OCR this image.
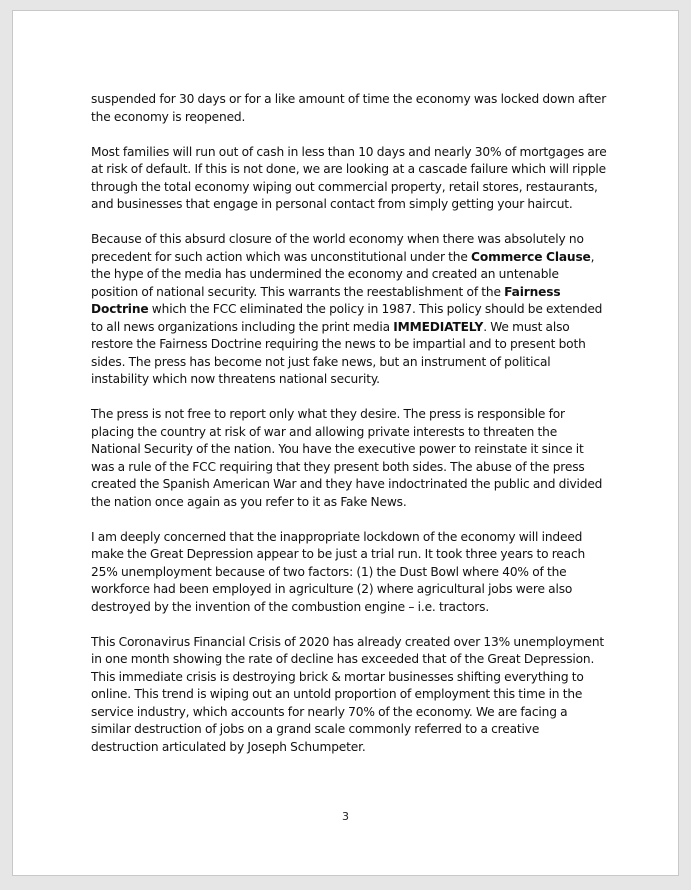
suspended for 30 days or for a like amount of time the economy was locked down after the economy is reopened.

Most families will run out of cash in less than 10 days and nearly 30% of mortgages are at risk of default. If this is not done, we are looking at a cascade failure which will ripple through the total economy wiping out commercial property, retail stores, restaurants, and businesses that engage in personal contact from simply getting your haircut.

Because of this absurd closure of the world economy when there was absolutely no precedent for such action which was unconstitutional under the Commerce Clause, the hype of the media has undermined the economy and created an untenable position of national security. This warrants the reestablishment of the Fairness Doctrine which the FCC eliminated the policy in 1987. This policy should be extended to all news organizations including the print media IMMEDIATELY. We must also restore the Fairness Doctrine requiring the news to be impartial and to present both sides. The press has become not just fake news, but an instrument of political instability which now threatens national security.

The press is not free to report only what they desire. The press is responsible for placing the country at risk of war and allowing private interests to threaten the National Security of the nation. You have the executive power to reinstate it since it was a rule of the FCC requiring that they present both sides. The abuse of the press created the Spanish American War and they have indoctrinated the public and divided the nation once again as you refer to it as Fake News.

I am deeply concerned that the inappropriate lockdown of the economy will indeed make the Great Depression appear to be just a trial run. It took three years to reach 25% unemployment because of two factors: (1) the Dust Bowl where 40% of the workforce had been employed in agriculture (2) where agricultural jobs were also destroyed by the invention of the combustion engine – i.e. tractors.

This Coronavirus Financial Crisis of 2020 has already created over 13% unemployment in one month showing the rate of decline has exceeded that of the Great Depression. This immediate crisis is destroying brick & mortar businesses shifting everything to online. This trend is wiping out an untold proportion of employment this time in the service industry, which accounts for nearly 70% of the economy. We are facing a similar destruction of jobs on a grand scale commonly referred to a creative destruction articulated by Joseph Schumpeter.

3
